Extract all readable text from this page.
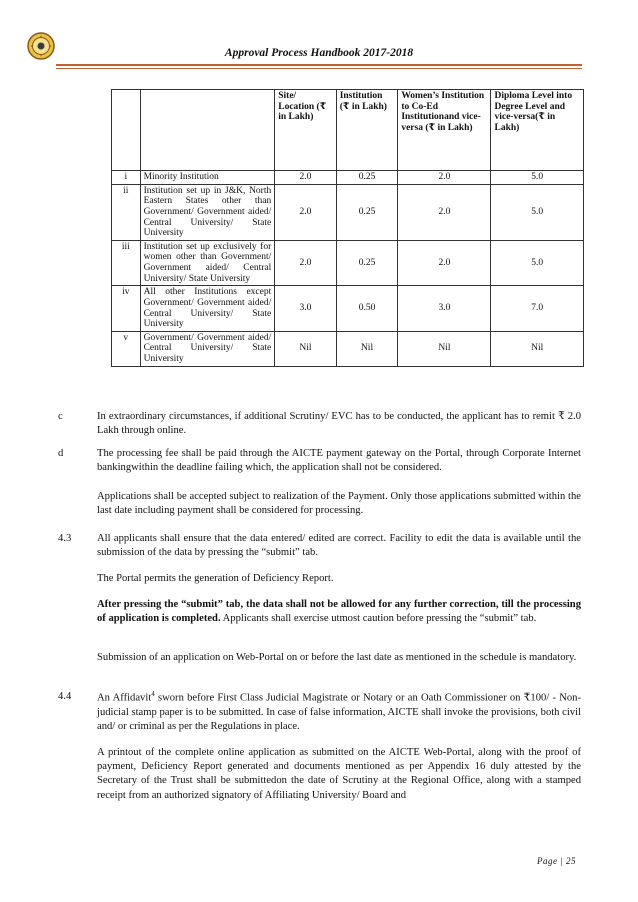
Approval Process Handbook 2017-2018
		Site/ Location (₹ in Lakh)	Institution (₹ in Lakh)	Women’s Institution to Co-Ed Institutionand vice-versa (₹ in Lakh)	Diploma Level into Degree Level and vice-versa(₹ in Lakh)
i	Minority Institution	2.0	0.25	2.0	5.0
ii	Institution set up in J&K, North Eastern States other than Government/ Government aided/ Central University/ State University	2.0	0.25	2.0	5.0
iii	Institution set up exclusively for women other than Government/ Government aided/ Central University/ State University	2.0	0.25	2.0	5.0
iv	All other Institutions except Government/ Government aided/ Central University/ State University	3.0	0.50	3.0	7.0
v	Government/ Government aided/ Central University/ State University	Nil	Nil	Nil	Nil
c	In extraordinary circumstances, if additional Scrutiny/ EVC has to be conducted, the applicant has to remit ₹ 2.0 Lakh through online.
d	The processing fee shall be paid through the AICTE payment gateway on the Portal, through Corporate Internet bankingwithin the deadline failing which, the application shall not be considered.
Applications shall be accepted subject to realization of the Payment. Only those applications submitted within the last date including payment shall be considered for processing.
4.3 All applicants shall ensure that the data entered/ edited are correct. Facility to edit the data is available until the submission of the data by pressing the “submit” tab.
The Portal permits the generation of Deficiency Report.
After pressing the “submit” tab, the data shall not be allowed for any further correction, till the processing of application is completed. Applicants shall exercise utmost caution before pressing the “submit” tab.
Submission of an application on Web-Portal on or before the last date as mentioned in the schedule is mandatory.
4.4 An Affidavit$^4$ sworn before First Class Judicial Magistrate or Notary or an Oath Commissioner on ₹100/ - Non-judicial stamp paper is to be submitted. In case of false information, AICTE shall invoke the provisions, both civil and/ or criminal as per the Regulations in place.
A printout of the complete online application as submitted on the AICTE Web-Portal, along with the proof of payment, Deficiency Report generated and documents mentioned as per Appendix 16 duly attested by the Secretary of the Trust shall be submittedon the date of Scrutiny at the Regional Office, along with a stamped receipt from an authorized signatory of Affiliating University/ Board and
Page | 25
